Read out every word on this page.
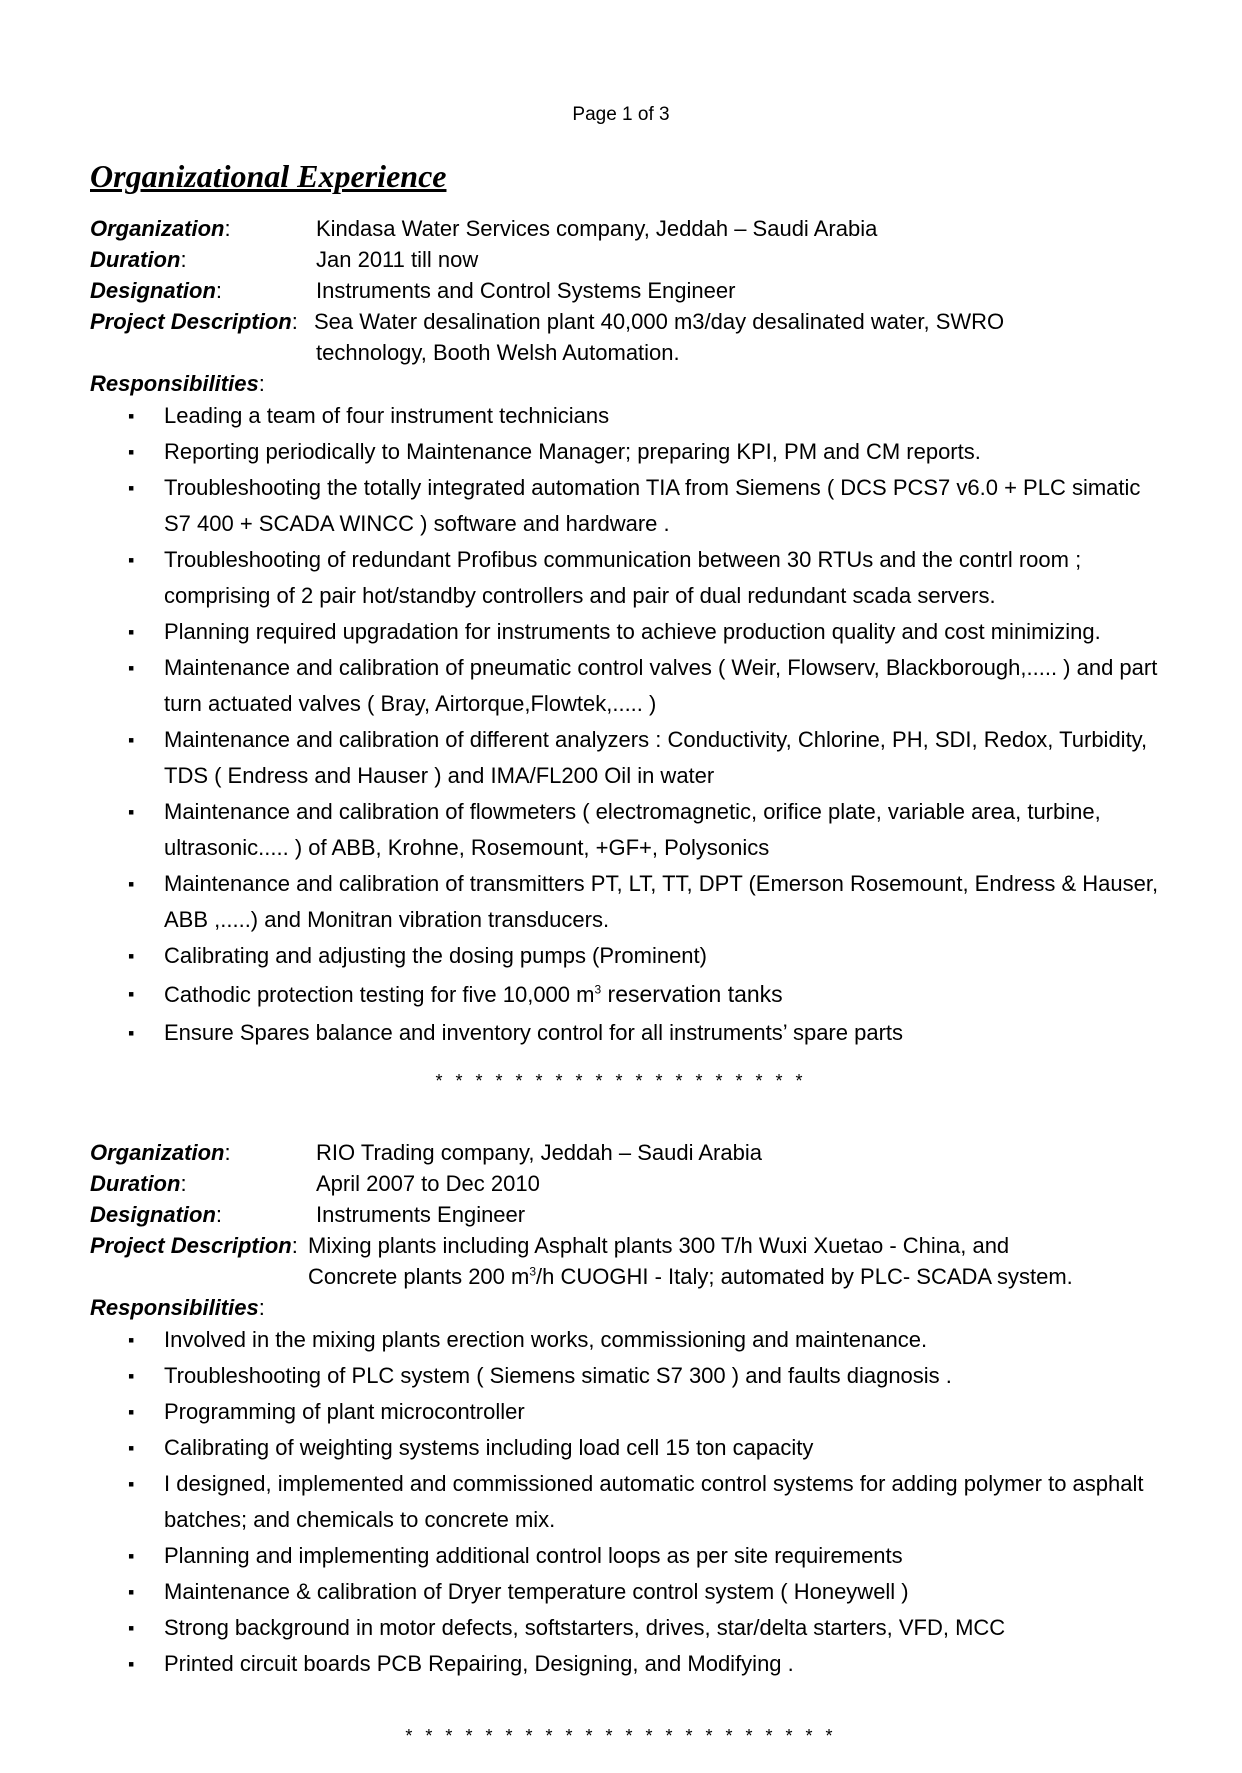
Page 1 of 3
Organizational Experience
Organization:	Kindasa Water Services company, Jeddah – Saudi Arabia
Duration:	Jan 2011 till now
Designation:	Instruments and Control Systems Engineer
Project Description: Sea Water desalination plant 40,000 m3/day desalinated water, SWRO
technology, Booth Welsh Automation.
Responsibilities:
▪ Leading a team of four instrument technicians
▪ Reporting periodically to Maintenance Manager; preparing KPI, PM and CM reports.
▪ Troubleshooting the totally integrated automation TIA from Siemens ( DCS PCS7 v6.0 + PLC simatic S7 400 + SCADA WINCC ) software and hardware .
▪ Troubleshooting of redundant Profibus communication between 30 RTUs and the contrl room ; comprising of 2 pair hot/standby controllers and pair of dual redundant scada servers.
▪ Planning required upgradation for instruments to achieve production quality and cost minimizing.
▪ Maintenance and calibration of pneumatic control valves ( Weir, Flowserv, Blackborough,..... ) and part turn actuated valves ( Bray, Airtorque,Flowtek,..... )
▪ Maintenance and calibration of different analyzers : Conductivity, Chlorine, PH, SDI, Redox, Turbidity, TDS ( Endress and Hauser ) and IMA/FL200 Oil in water
▪ Maintenance and calibration of flowmeters ( electromagnetic, orifice plate, variable area, turbine, ultrasonic..... ) of ABB, Krohne, Rosemount, +GF+, Polysonics
▪ Maintenance and calibration of transmitters PT, LT, TT, DPT (Emerson Rosemount, Endress & Hauser, ABB ,.....) and Monitran vibration transducers.
▪ Calibrating and adjusting the dosing pumps (Prominent)
▪ Cathodic protection testing for five 10,000 $m^3$ reservation tanks
▪ Ensure Spares balance and inventory control for all instruments’ spare parts
* * * * * * * * * * * * * * * * * * *
Organization:	RIO Trading company, Jeddah – Saudi Arabia
Duration:	April 2007 to Dec 2010
Designation:	Instruments Engineer
Project Description: Mixing plants including Asphalt plants 300 T/h Wuxi Xuetao - China, and
Concrete plants 200 $m^3/h$ CUOGHI - Italy; automated by PLC- SCADA system.
Responsibilities:
▪ Involved in the mixing plants erection works, commissioning and maintenance.
▪ Troubleshooting of PLC system ( Siemens simatic S7 300 ) and faults diagnosis .
▪ Programming of plant microcontroller
▪ Calibrating of weighting systems including load cell 15 ton capacity
▪ I designed, implemented and commissioned automatic control systems for adding polymer to asphalt batches; and chemicals to concrete mix.
▪ Planning and implementing additional control loops as per site requirements
▪ Maintenance & calibration of Dryer temperature control system ( Honeywell )
▪ Strong background in motor defects, softstarters, drives, star/delta starters, VFD, MCC
▪ Printed circuit boards PCB Repairing, Designing, and Modifying .
* * * * * * * * * * * * * * * * * * * * * *
